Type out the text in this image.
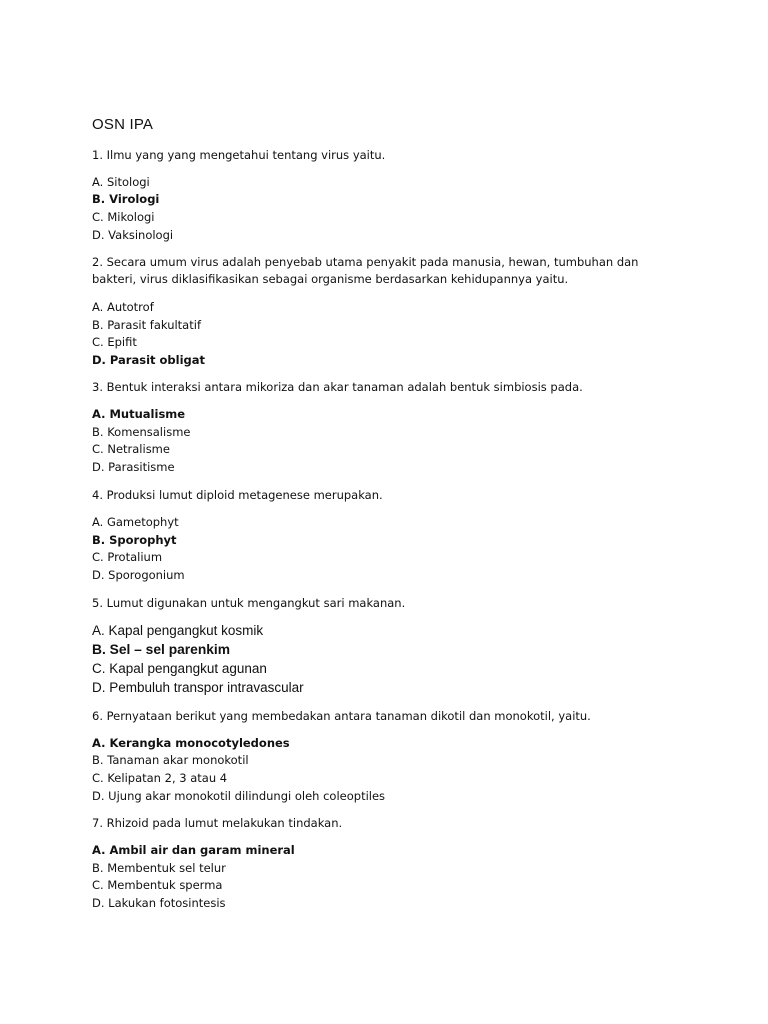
OSN IPA
1. Ilmu yang yang mengetahui tentang virus yaitu.
A. Sitologi
B. Virologi
C. Mikologi
D. Vaksinologi
2. Secara umum virus adalah penyebab utama penyakit pada manusia, hewan, tumbuhan dan
bakteri, virus diklasifikasikan sebagai organisme berdasarkan kehidupannya yaitu.
A. Autotrof
B. Parasit fakultatif
C. Epifit
D. Parasit obligat
3. Bentuk interaksi antara mikoriza dan akar tanaman adalah bentuk simbiosis pada.
A. Mutualisme
B. Komensalisme
C. Netralisme
D. Parasitisme
4. Produksi lumut diploid metagenese merupakan.
A. Gametophyt
B. Sporophyt
C. Protalium
D. Sporogonium
5. Lumut digunakan untuk mengangkut sari makanan.
A. Kapal pengangkut kosmik
B. Sel – sel parenkim
C. Kapal pengangkut agunan
D. Pembuluh transpor intravascular
6. Pernyataan berikut yang membedakan antara tanaman dikotil dan monokotil, yaitu.
A. Kerangka monocotyledones
B. Tanaman akar monokotil
C. Kelipatan 2, 3 atau 4
D. Ujung akar monokotil dilindungi oleh coleoptiles
7. Rhizoid pada lumut melakukan tindakan.
A. Ambil air dan garam mineral
B. Membentuk sel telur
C. Membentuk sperma
D. Lakukan fotosintesis
